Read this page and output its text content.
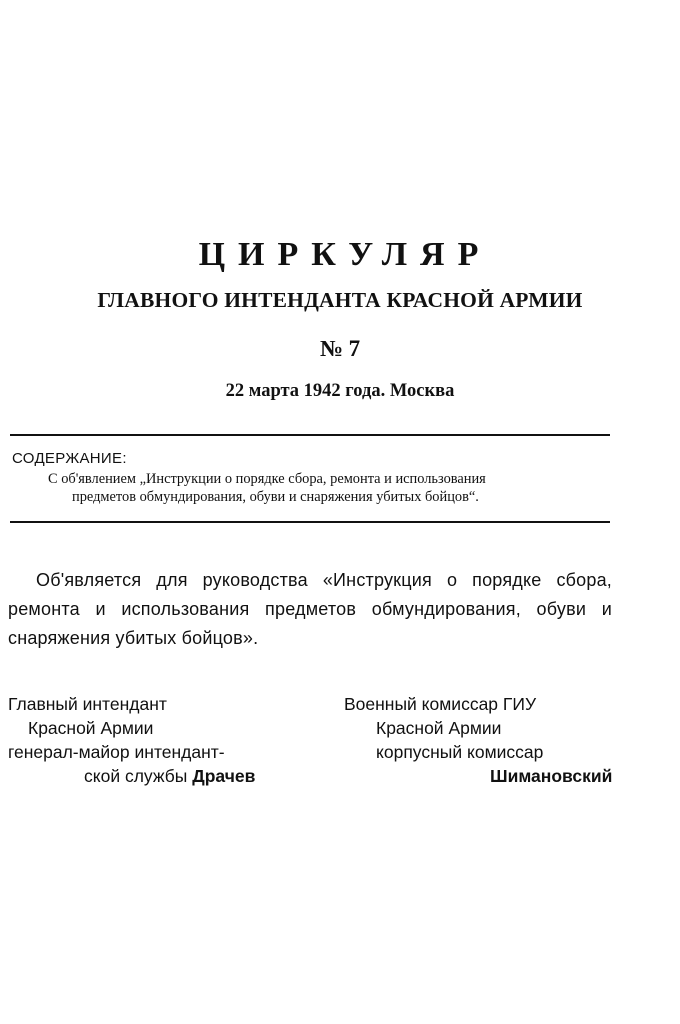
ЦИРКУЛЯР
ГЛАВНОГО ИНТЕНДАНТА КРАСНОЙ АРМИИ
№ 7
22 марта 1942 года. Москва
СОДЕРЖАНИЕ:
С об'явлением „Инструкции о порядке сбора, ремонта и использования
предметов обмундирования, обуви и снаряжения убитых бойцов“.

Об'является для руководства «Инструкция о порядке сбора, ремонта и использования предметов обмундирования, обуви и снаряжения убитых бойцов».

Главный интендант
Красной Армии
генерал-майор интендант-
ской службы Драчев
Военный комиссар ГИУ
Красной Армии
корпусный комиссар
Шимановский
